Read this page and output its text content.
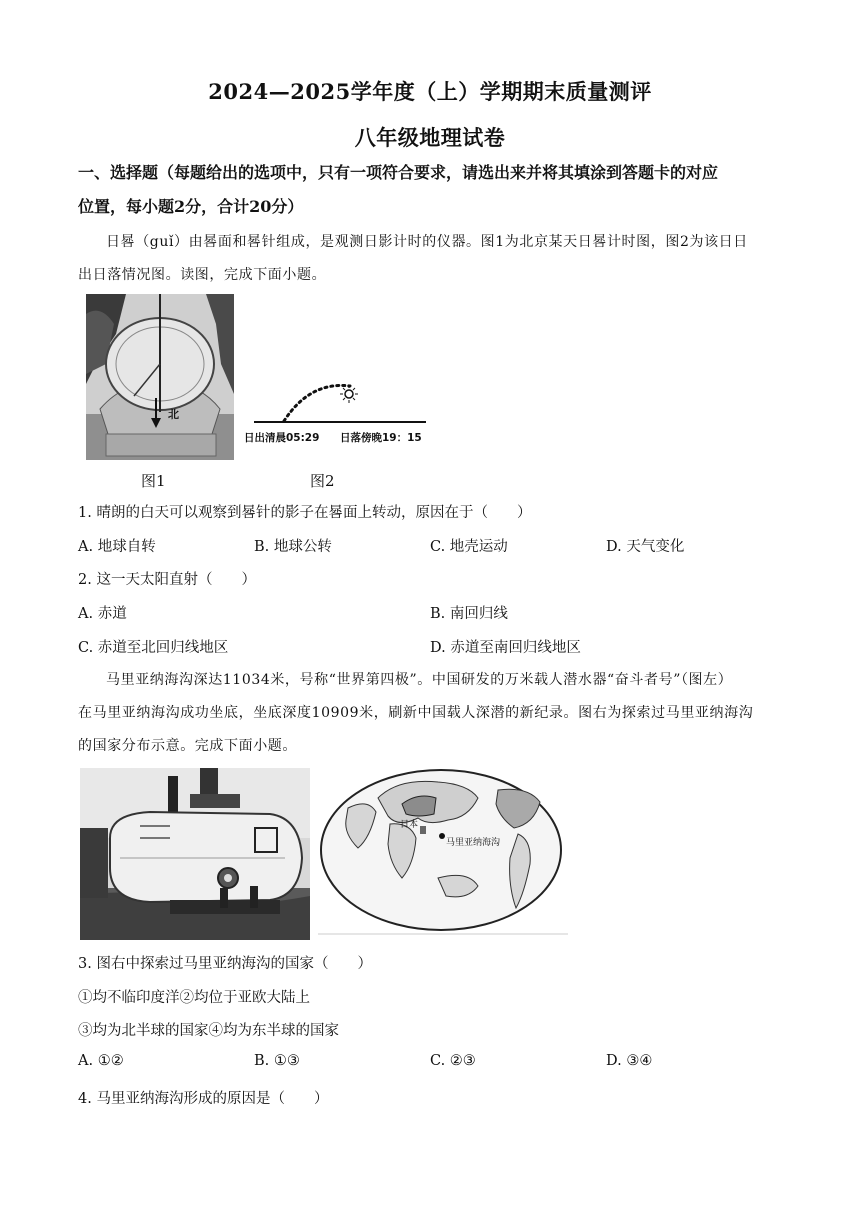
2024—2025学年度（上）学期期末质量测评
八年级地理试卷
一、选择题（每题给出的选项中，只有一项符合要求，请选出来并将其填涂到答题卡的对应
位置，每小题2分，合计20分）
日晷（guǐ）由晷面和晷针组成，是观测日影计时的仪器。图1为北京某天日晷计时图，图2为该日日
出日落情况图。读图，完成下面小题。
北
图1
日出清晨05:29 日落傍晚19：15
图2
1. 晴朗的白天可以观察到晷针的影子在晷面上转动，原因在于（　　）
A. 地球自转	B. 地球公转	C. 地壳运动	D. 天气变化
2. 这一天太阳直射（　　）
A. 赤道	B. 南回归线
C. 赤道至北回归线地区	D. 赤道至南回归线地区
马里亚纳海沟深达11034米，号称“世界第四极”。中国研发的万米载人潜水器“奋斗者号”（图左）
在马里亚纳海沟成功坐底，坐底深度10909米，刷新中国载人深潜的新纪录。图右为探索过马里亚纳海沟
的国家分布示意。完成下面小题。
日本
马里亚纳海沟
3. 图右中探索过马里亚纳海沟的国家（　　）
①均不临印度洋②均位于亚欧大陆上
③均为北半球的国家④均为东半球的国家
A. ①②	B. ①③	C. ②③	D. ③④
4. 马里亚纳海沟形成的原因是（　　）
